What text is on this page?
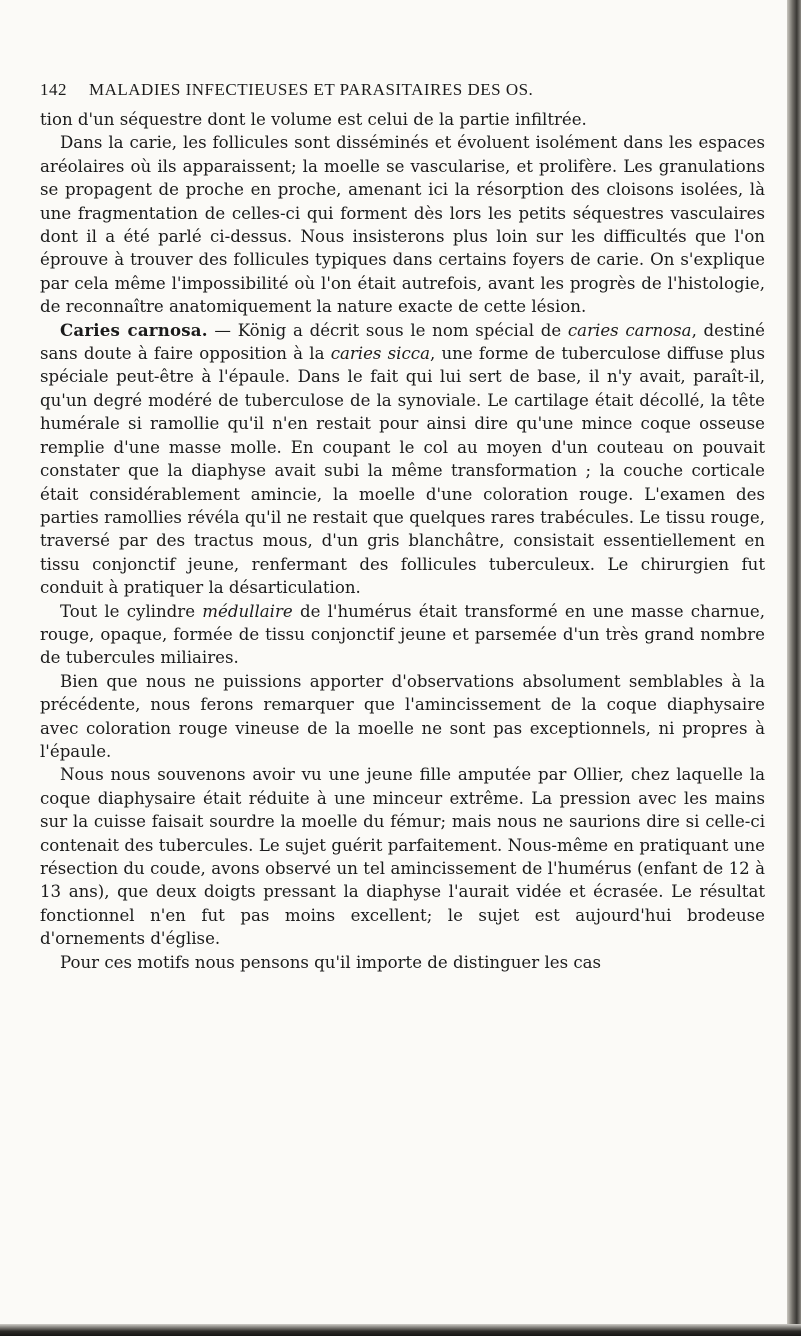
142 MALADIES INFECTIEUSES ET PARASITAIRES DES OS.

tion d'un séquestre dont le volume est celui de la partie infiltrée.

Dans la carie, les follicules sont disséminés et évoluent isolément dans les espaces aréolaires où ils apparaissent; la moelle se vascularise, et prolifère. Les granulations se propagent de proche en proche, amenant ici la résorption des cloisons isolées, là une fragmentation de celles-ci qui forment dès lors les petits séquestres vasculaires dont il a été parlé ci-dessus. Nous insisterons plus loin sur les difficultés que l'on éprouve à trouver des follicules typiques dans certains foyers de carie. On s'explique par cela même l'impossibilité où l'on était autrefois, avant les progrès de l'histologie, de reconnaître anatomiquement la nature exacte de cette lésion.

Caries carnosa. — König a décrit sous le nom spécial de caries carnosa, destiné sans doute à faire opposition à la caries sicca, une forme de tuberculose diffuse plus spéciale peut-être à l'épaule. Dans le fait qui lui sert de base, il n'y avait, paraît-il, qu'un degré modéré de tuberculose de la synoviale. Le cartilage était décollé, la tête humérale si ramollie qu'il n'en restait pour ainsi dire qu'une mince coque osseuse remplie d'une masse molle. En coupant le col au moyen d'un couteau on pouvait constater que la diaphyse avait subi la même transformation ; la couche corticale était considérablement amincie, la moelle d'une coloration rouge. L'examen des parties ramollies révéla qu'il ne restait que quelques rares trabécules. Le tissu rouge, traversé par des tractus mous, d'un gris blanchâtre, consistait essentiellement en tissu conjonctif jeune, renfermant des follicules tuberculeux. Le chirurgien fut conduit à pratiquer la désarticulation.

Tout le cylindre médullaire de l'humérus était transformé en une masse charnue, rouge, opaque, formée de tissu conjonctif jeune et parsemée d'un très grand nombre de tubercules miliaires.

Bien que nous ne puissions apporter d'observations absolument semblables à la précédente, nous ferons remarquer que l'amincissement de la coque diaphysaire avec coloration rouge vineuse de la moelle ne sont pas exceptionnels, ni propres à l'épaule.

Nous nous souvenons avoir vu une jeune fille amputée par Ollier, chez laquelle la coque diaphysaire était réduite à une minceur extrême. La pression avec les mains sur la cuisse faisait sourdre la moelle du fémur; mais nous ne saurions dire si celle-ci contenait des tubercules. Le sujet guérit parfaitement. Nous-même en pratiquant une résection du coude, avons observé un tel amincissement de l'humérus (enfant de 12 à 13 ans), que deux doigts pressant la diaphyse l'aurait vidée et écrasée. Le résultat fonctionnel n'en fut pas moins excellent; le sujet est aujourd'hui brodeuse d'ornements d'église.

Pour ces motifs nous pensons qu'il importe de distinguer les cas
